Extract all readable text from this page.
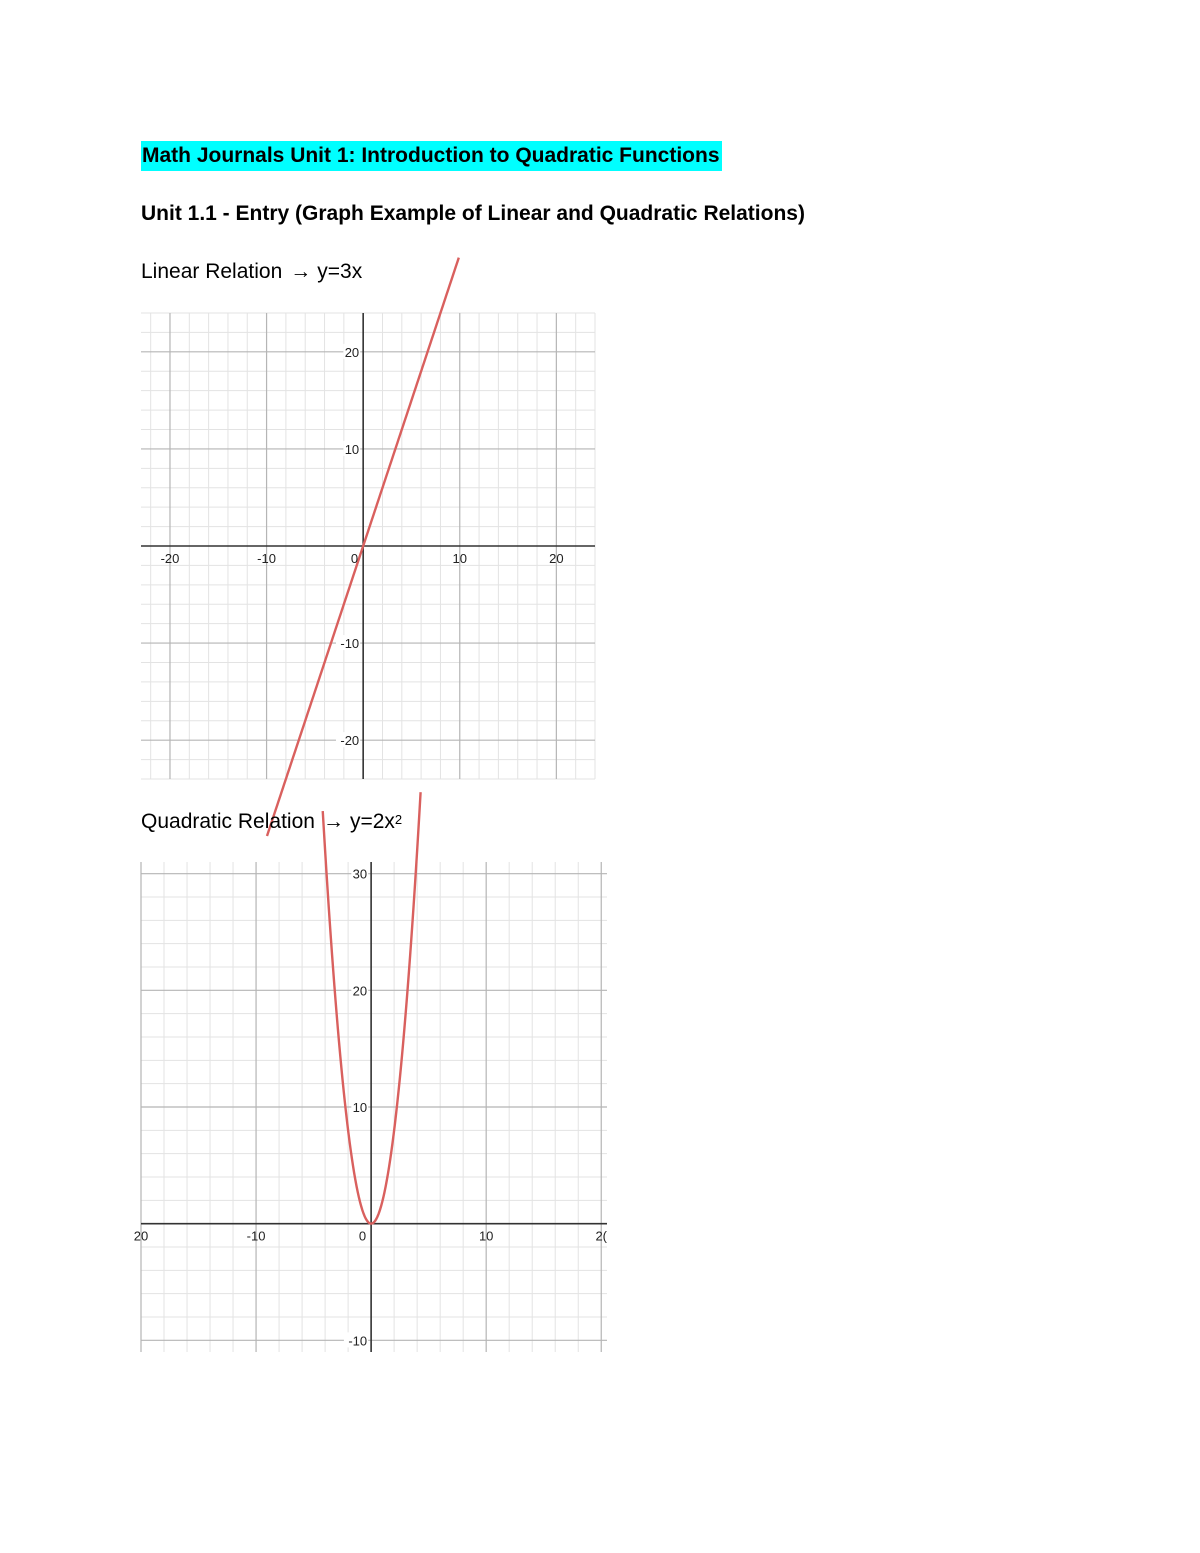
Math Journals Unit 1: Introduction to Quadratic Functions
Unit 1.1 - Entry (Graph Example of Linear and Quadratic Relations)
Linear Relation → y=3x
-20	-10	0	10	20
-20
-10
10
20
Quadratic Relation → $y=2x^2$
20	-10	0	10	2(
-10
10
20
30
